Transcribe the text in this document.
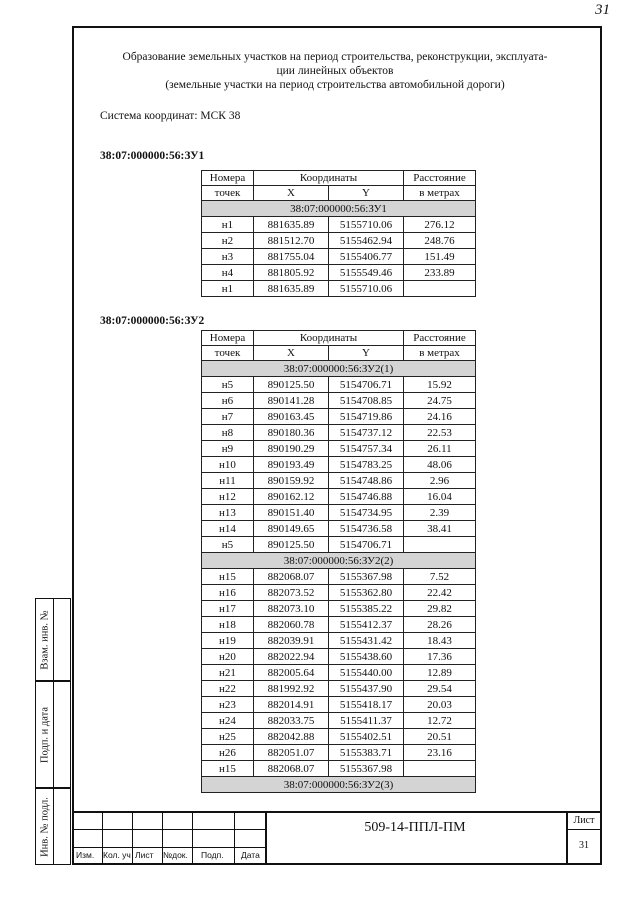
31
Образование земельных участков на период строительства, реконструкции, эксплуата-
ции линейных объектов
(земельные участки на период строительства автомобильной дороги)
Система координат: МСК 38
38:07:000000:56:ЗУ1
Номера	Координаты		Расстояние
точек	X	Y	в метрах
38:07:000000:56:ЗУ1			
н1	881635.89	5155710.06	276.12
н2	881512.70	5155462.94	248.76
н3	881755.04	5155406.77	151.49
н4	881805.92	5155549.46	233.89
н1	881635.89	5155710.06	
38:07:000000:56:ЗУ2
Номера	Координаты		Расстояние
точек	X	Y	в метрах
38:07:000000:56:ЗУ2(1)			
н5	890125.50	5154706.71	15.92
н6	890141.28	5154708.85	24.75
н7	890163.45	5154719.86	24.16
н8	890180.36	5154737.12	22.53
н9	890190.29	5154757.34	26.11
н10	890193.49	5154783.25	48.06
н11	890159.92	5154748.86	2.96
н12	890162.12	5154746.88	16.04
н13	890151.40	5154734.95	2.39
н14	890149.65	5154736.58	38.41
н5	890125.50	5154706.71	
38:07:000000:56:ЗУ2(2)			
н15	882068.07	5155367.98	7.52
н16	882073.52	5155362.80	22.42
н17	882073.10	5155385.22	29.82
н18	882060.78	5155412.37	28.26
н19	882039.91	5155431.42	18.43
н20	882022.94	5155438.60	17.36
н21	882005.64	5155440.00	12.89
н22	881992.92	5155437.90	29.54
н23	882014.91	5155418.17	20.03
н24	882033.75	5155411.37	12.72
н25	882042.88	5155402.51	20.51
н26	882051.07	5155383.71	23.16
н15	882068.07	5155367.98	
38:07:000000:56:ЗУ2(3)			
Взам. инв. №
Подп. и дата
Инв. № подл.	Изм. Кол. уч Лист №док. Подп. Дата
509-14-ППЛ-ПМ	Лист
31
